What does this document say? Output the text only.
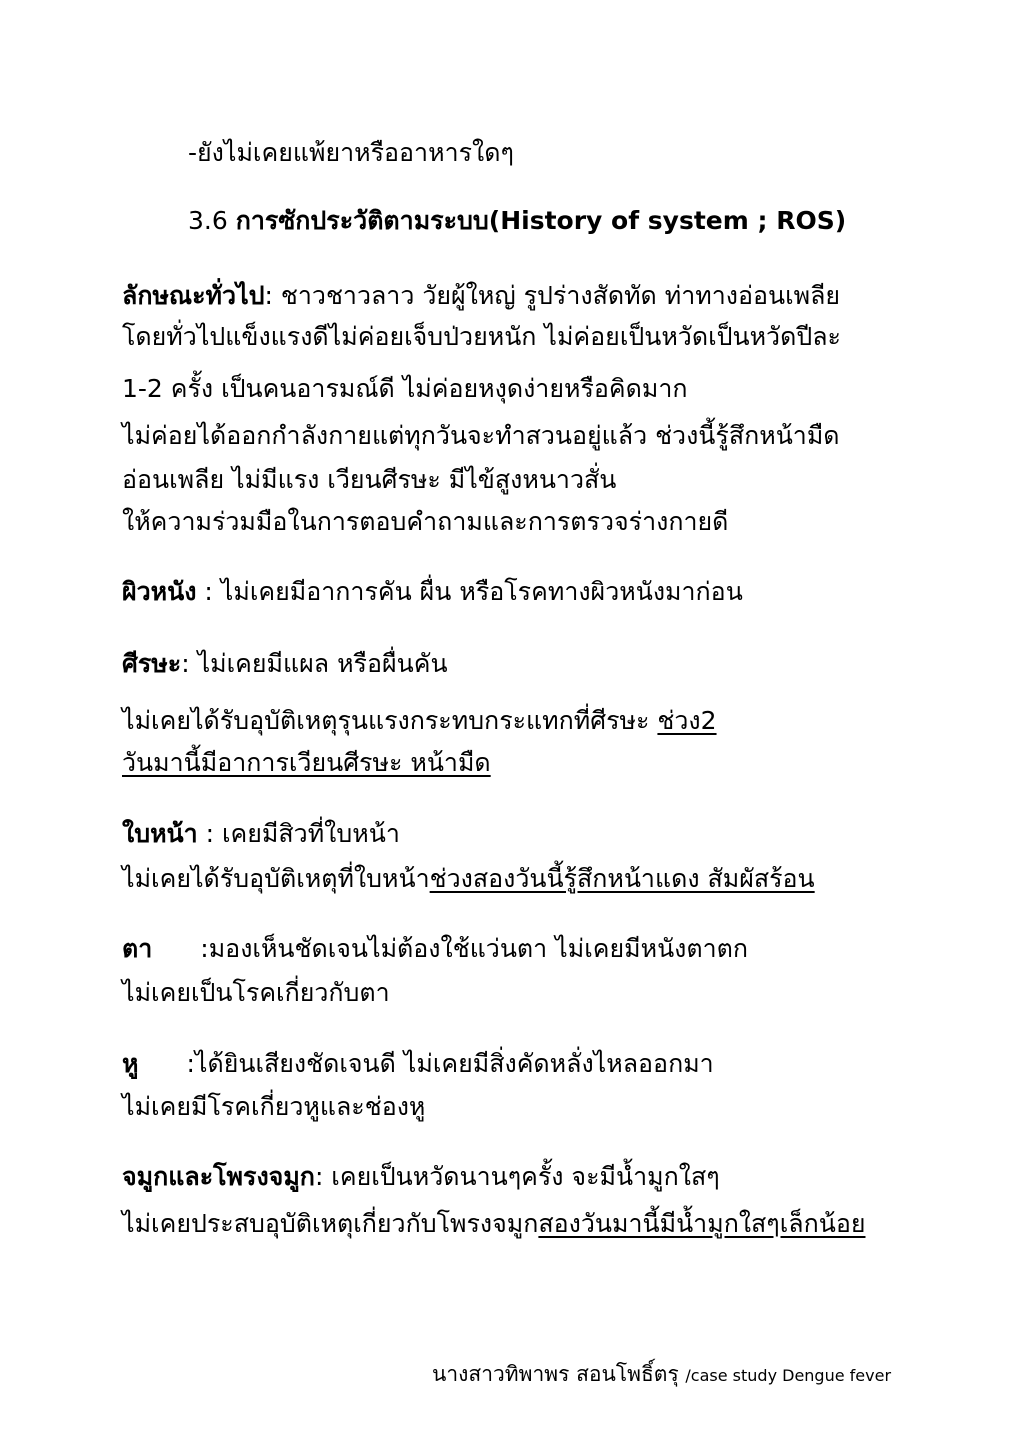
-ยังไม่เคยแพ้ยาหรืออาหารใดๆ
3.6 การซักประวัติตามระบบ(History of system ; ROS)
ลักษณะทั่วไป: ชาวชาวลาว วัยผู้ใหญ่ รูปร่างสัดทัด ท่าทางอ่อนเพลีย
โดยทั่วไปแข็งแรงดีไม่ค่อยเจ็บป่วยหนัก ไม่ค่อยเป็นหวัดเป็นหวัดปีละ
1-2 ครั้ง เป็นคนอารมณ์ดี ไม่ค่อยหงุดง่ายหรือคิดมาก
ไม่ค่อยได้ออกกำลังกายแต่ทุกวันจะทำสวนอยู่แล้ว ช่วงนี้รู้สึกหน้ามืด
อ่อนเพลีย ไม่มีแรง เวียนศีรษะ มีไข้สูงหนาวสั่น
ให้ความร่วมมือในการตอบคำถามและการตรวจร่างกายดี
ผิวหนัง : ไม่เคยมีอาการคัน ผื่น หรือโรคทางผิวหนังมาก่อน
ศีรษะ: ไม่เคยมีแผล หรือผื่นคัน
ไม่เคยได้รับอุบัติเหตุรุนแรงกระทบกระแทกที่ศีรษะ ช่วง2
วันมานี้มีอาการเวียนศีรษะ หน้ามืด
ใบหน้า : เคยมีสิวที่ใบหน้า
ไม่เคยได้รับอุบัติเหตุที่ใบหน้าช่วงสองวันนี้รู้สึกหน้าแดง สัมผัสร้อน
ตา :มองเห็นชัดเจนไม่ต้องใช้แว่นตา ไม่เคยมีหนังตาตก
ไม่เคยเป็นโรคเกี่ยวกับตา
หู :ได้ยินเสียงชัดเจนดี ไม่เคยมีสิ่งคัดหลั่งไหลออกมา
ไม่เคยมีโรคเกี่ยวหูและช่องหู
จมูกและโพรงจมูก: เคยเป็นหวัดนานๆครั้ง จะมีน้ำมูกใสๆ
ไม่เคยประสบอุบัติเหตุเกี่ยวกับโพรงจมูกสองวันมานี้มีน้ำมูกใสๆเล็กน้อย
นางสาวทิพาพร สอนโพธิ์ตรุ /case study Dengue fever
